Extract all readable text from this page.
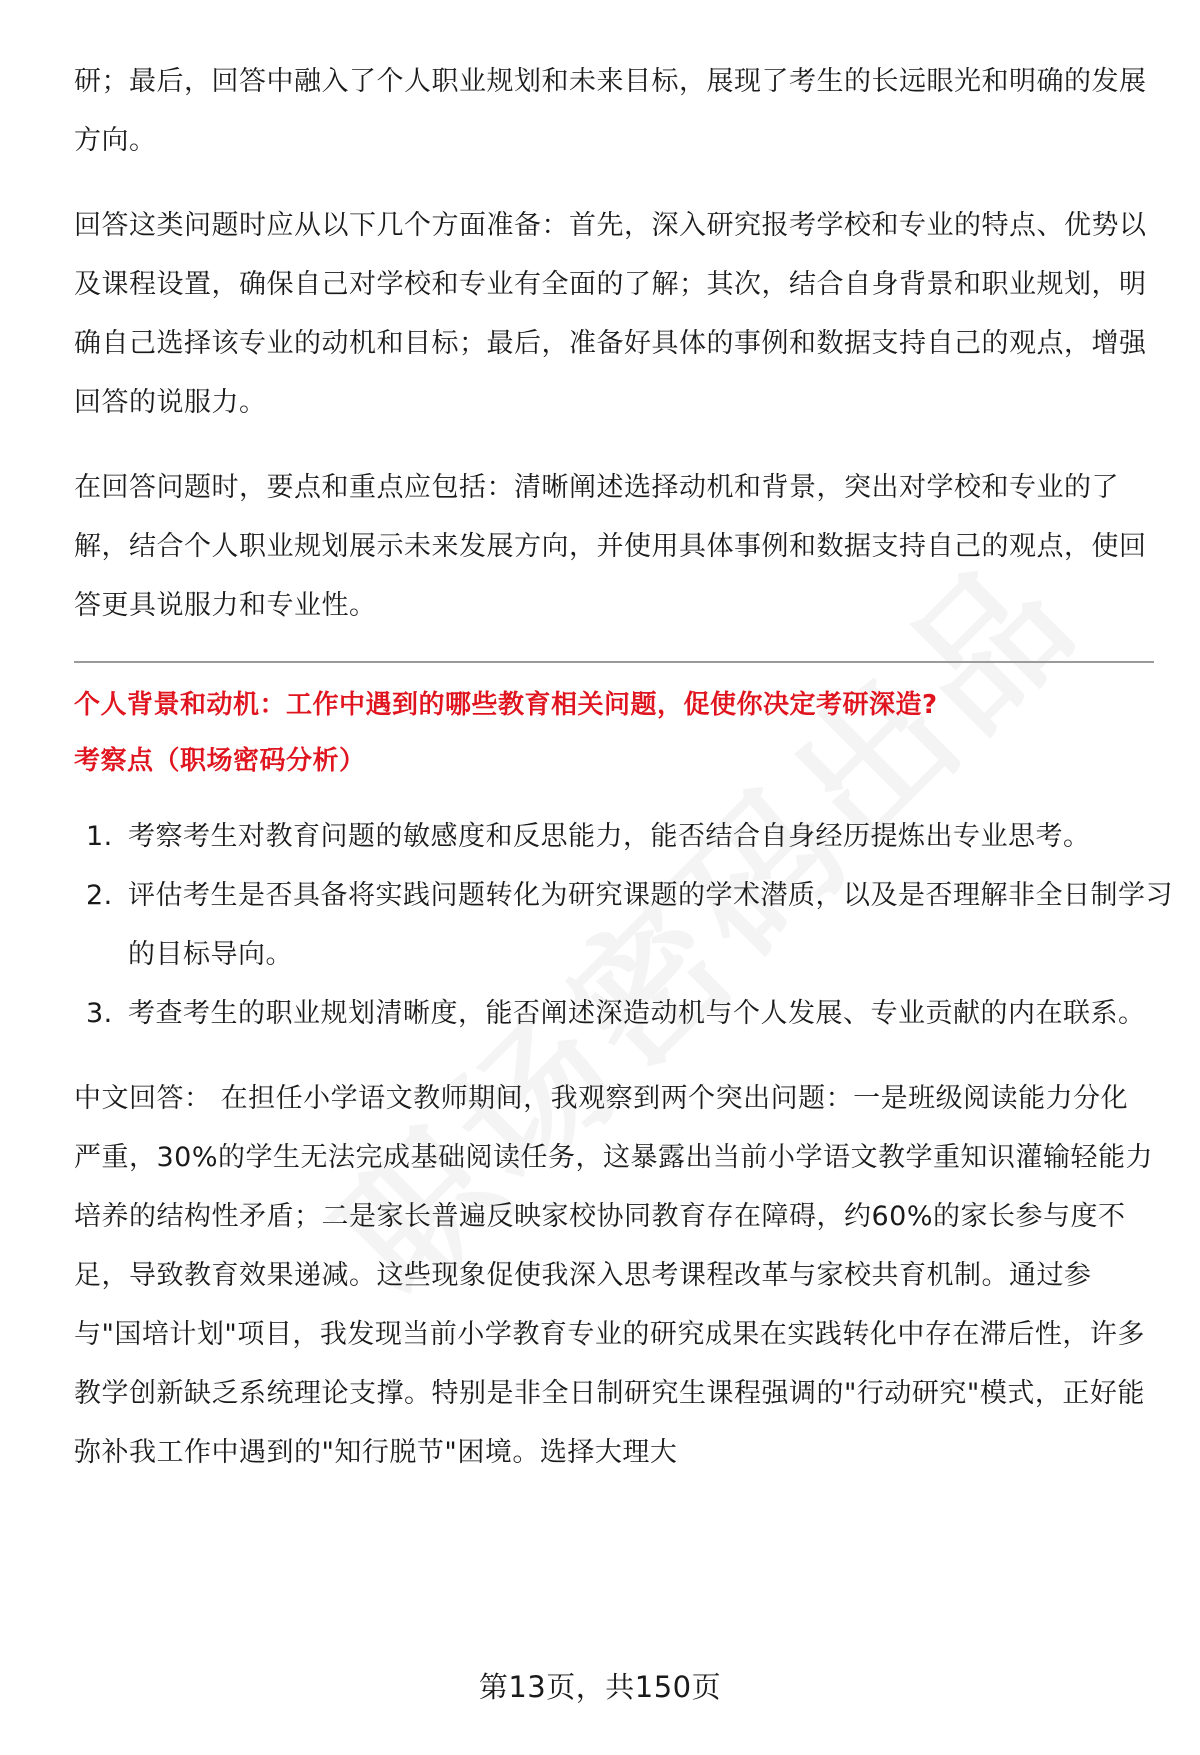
研；最后，回答中融入了个人职业规划和未来目标，展现了考生的长远眼光和明确的发展方向。

回答这类问题时应从以下几个方面准备：首先，深入研究报考学校和专业的特点、优势以及课程设置，确保自己对学校和专业有全面的了解；其次，结合自身背景和职业规划，明确自己选择该专业的动机和目标；最后，准备好具体的事例和数据支持自己的观点，增强回答的说服力。

在回答问题时，要点和重点应包括：清晰阐述选择动机和背景，突出对学校和专业的了解，结合个人职业规划展示未来发展方向，并使用具体事例和数据支持自己的观点，使回答更具说服力和专业性。

个人背景和动机：工作中遇到的哪些教育相关问题，促使你决定考研深造?

考察点（职场密码分析）

1. 考察考生对教育问题的敏感度和反思能力，能否结合自身经历提炼出专业思考。
2. 评估考生是否具备将实践问题转化为研究课题的学术潜质，以及是否理解非全日制学习的目标导向。
3. 考查考生的职业规划清晰度，能否阐述深造动机与个人发展、专业贡献的内在联系。

中文回答： 在担任小学语文教师期间，我观察到两个突出问题：一是班级阅读能力分化严重，30%的学生无法完成基础阅读任务，这暴露出当前小学语文教学重知识灌输轻能力培养的结构性矛盾；二是家长普遍反映家校协同教育存在障碍，约60%的家长参与度不足，导致教育效果递减。这些现象促使我深入思考课程改革与家校共育机制。通过参与"国培计划"项目，我发现当前小学教育专业的研究成果在实践转化中存在滞后性，许多教学创新缺乏系统理论支撑。特别是非全日制研究生课程强调的"行动研究"模式，正好能弥补我工作中遇到的"知行脱节"困境。选择大理大

第13页，共150页
